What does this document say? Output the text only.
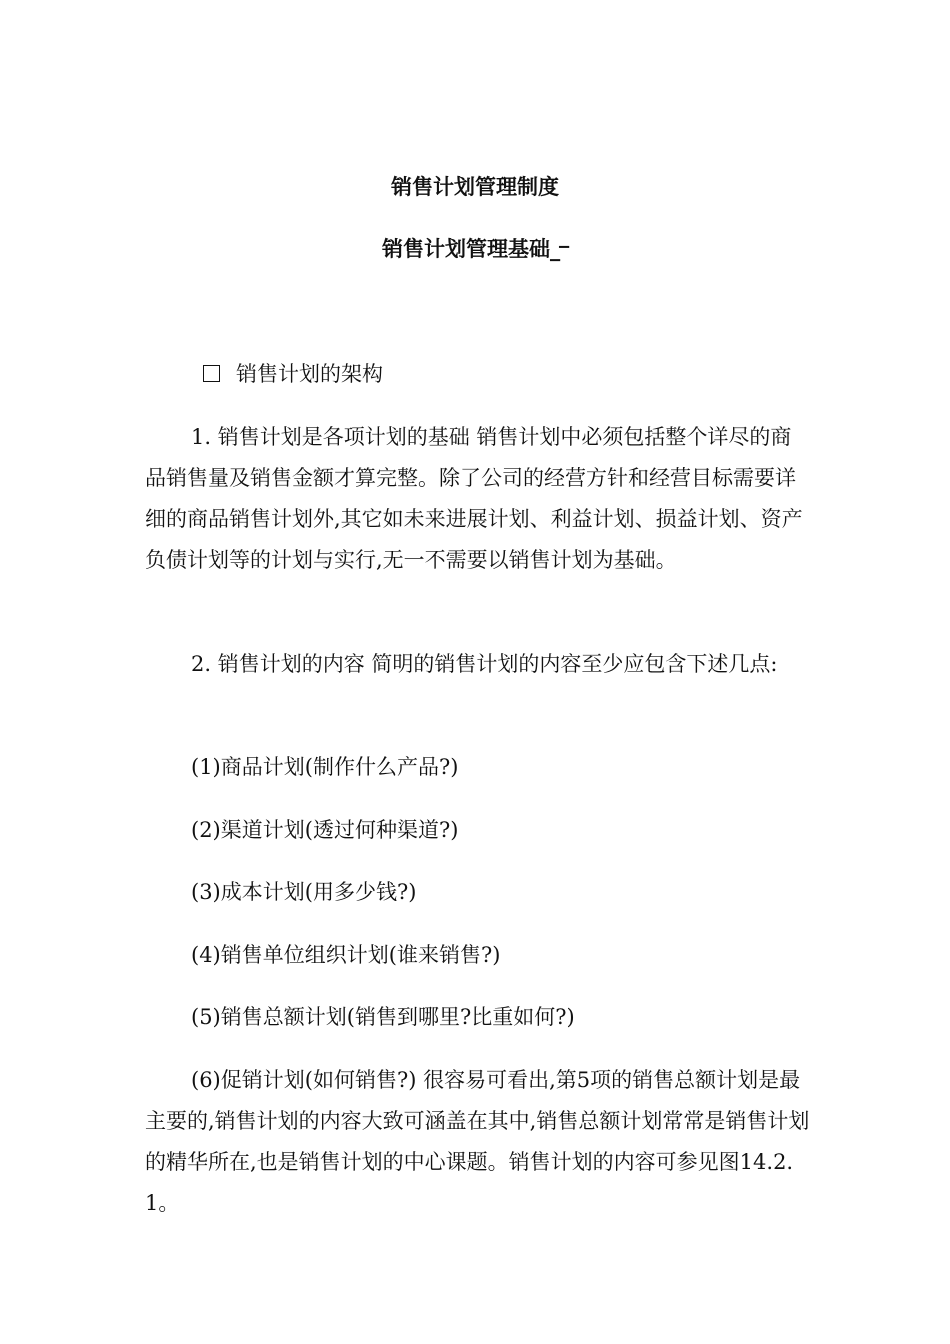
销售计划管理制度
销售计划管理基础▁▔
销售计划的架构
1. 销售计划是各项计划的基础 销售计划中必须包括整个详尽的商品销售量及销售金额才算完整。除了公司的经营方针和经营目标需要详细的商品销售计划外,其它如未来进展计划、利益计划、损益计划、资产负债计划等的计划与实行,无一不需要以销售计划为基础。
2. 销售计划的内容 简明的销售计划的内容至少应包含下述几点:
(1)商品计划(制作什么产品?)
(2)渠道计划(透过何种渠道?)
(3)成本计划(用多少钱?)
(4)销售单位组织计划(谁来销售?)
(5)销售总额计划(销售到哪里?比重如何?)
(6)促销计划(如何销售?) 很容易可看出,第5项的销售总额计划是最主要的,销售计划的内容大致可涵盖在其中,销售总额计划常常是销售计划的精华所在,也是销售计划的中心课题。销售计划的内容可参见图14.2.1。
